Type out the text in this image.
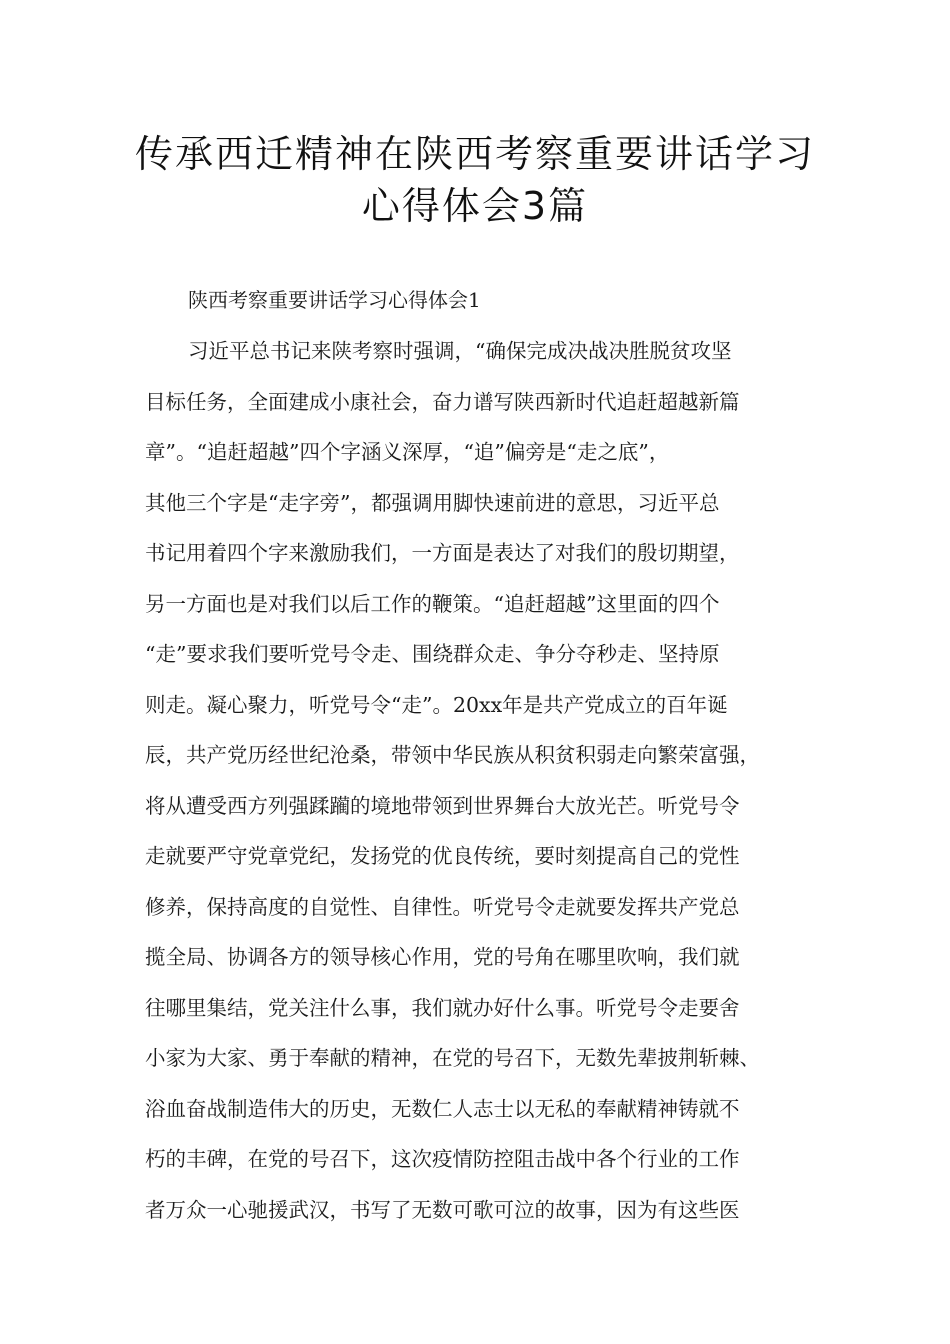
传承西迁精神在陕西考察重要讲话学习
心得体会3篇
陕西考察重要讲话学习心得体会1
习近平总书记来陕考察时强调，“确保完成决战决胜脱贫攻坚
目标任务，全面建成小康社会，奋力谱写陕西新时代追赶超越新篇
章”。“追赶超越”四个字涵义深厚，“追”偏旁是“走之底”，
其他三个字是“走字旁”，都强调用脚快速前进的意思，习近平总
书记用着四个字来激励我们，一方面是表达了对我们的殷切期望，
另一方面也是对我们以后工作的鞭策。“追赶超越”这里面的四个
“走”要求我们要听党号令走、围绕群众走、争分夺秒走、坚持原
则走。凝心聚力，听党号令“走”。20xx年是共产党成立的百年诞
辰，共产党历经世纪沧桑，带领中华民族从积贫积弱走向繁荣富强，
将从遭受西方列强蹂躏的境地带领到世界舞台大放光芒。听党号令
走就要严守党章党纪，发扬党的优良传统，要时刻提高自己的党性
修养，保持高度的自觉性、自律性。听党号令走就要发挥共产党总
揽全局、协调各方的领导核心作用，党的号角在哪里吹响，我们就
往哪里集结，党关注什么事，我们就办好什么事。听党号令走要舍
小家为大家、勇于奉献的精神，在党的号召下，无数先辈披荆斩棘、
浴血奋战制造伟大的历史，无数仁人志士以无私的奉献精神铸就不
朽的丰碑，在党的号召下，这次疫情防控阻击战中各个行业的工作
者万众一心驰援武汉，书写了无数可歌可泣的故事，因为有这些医
